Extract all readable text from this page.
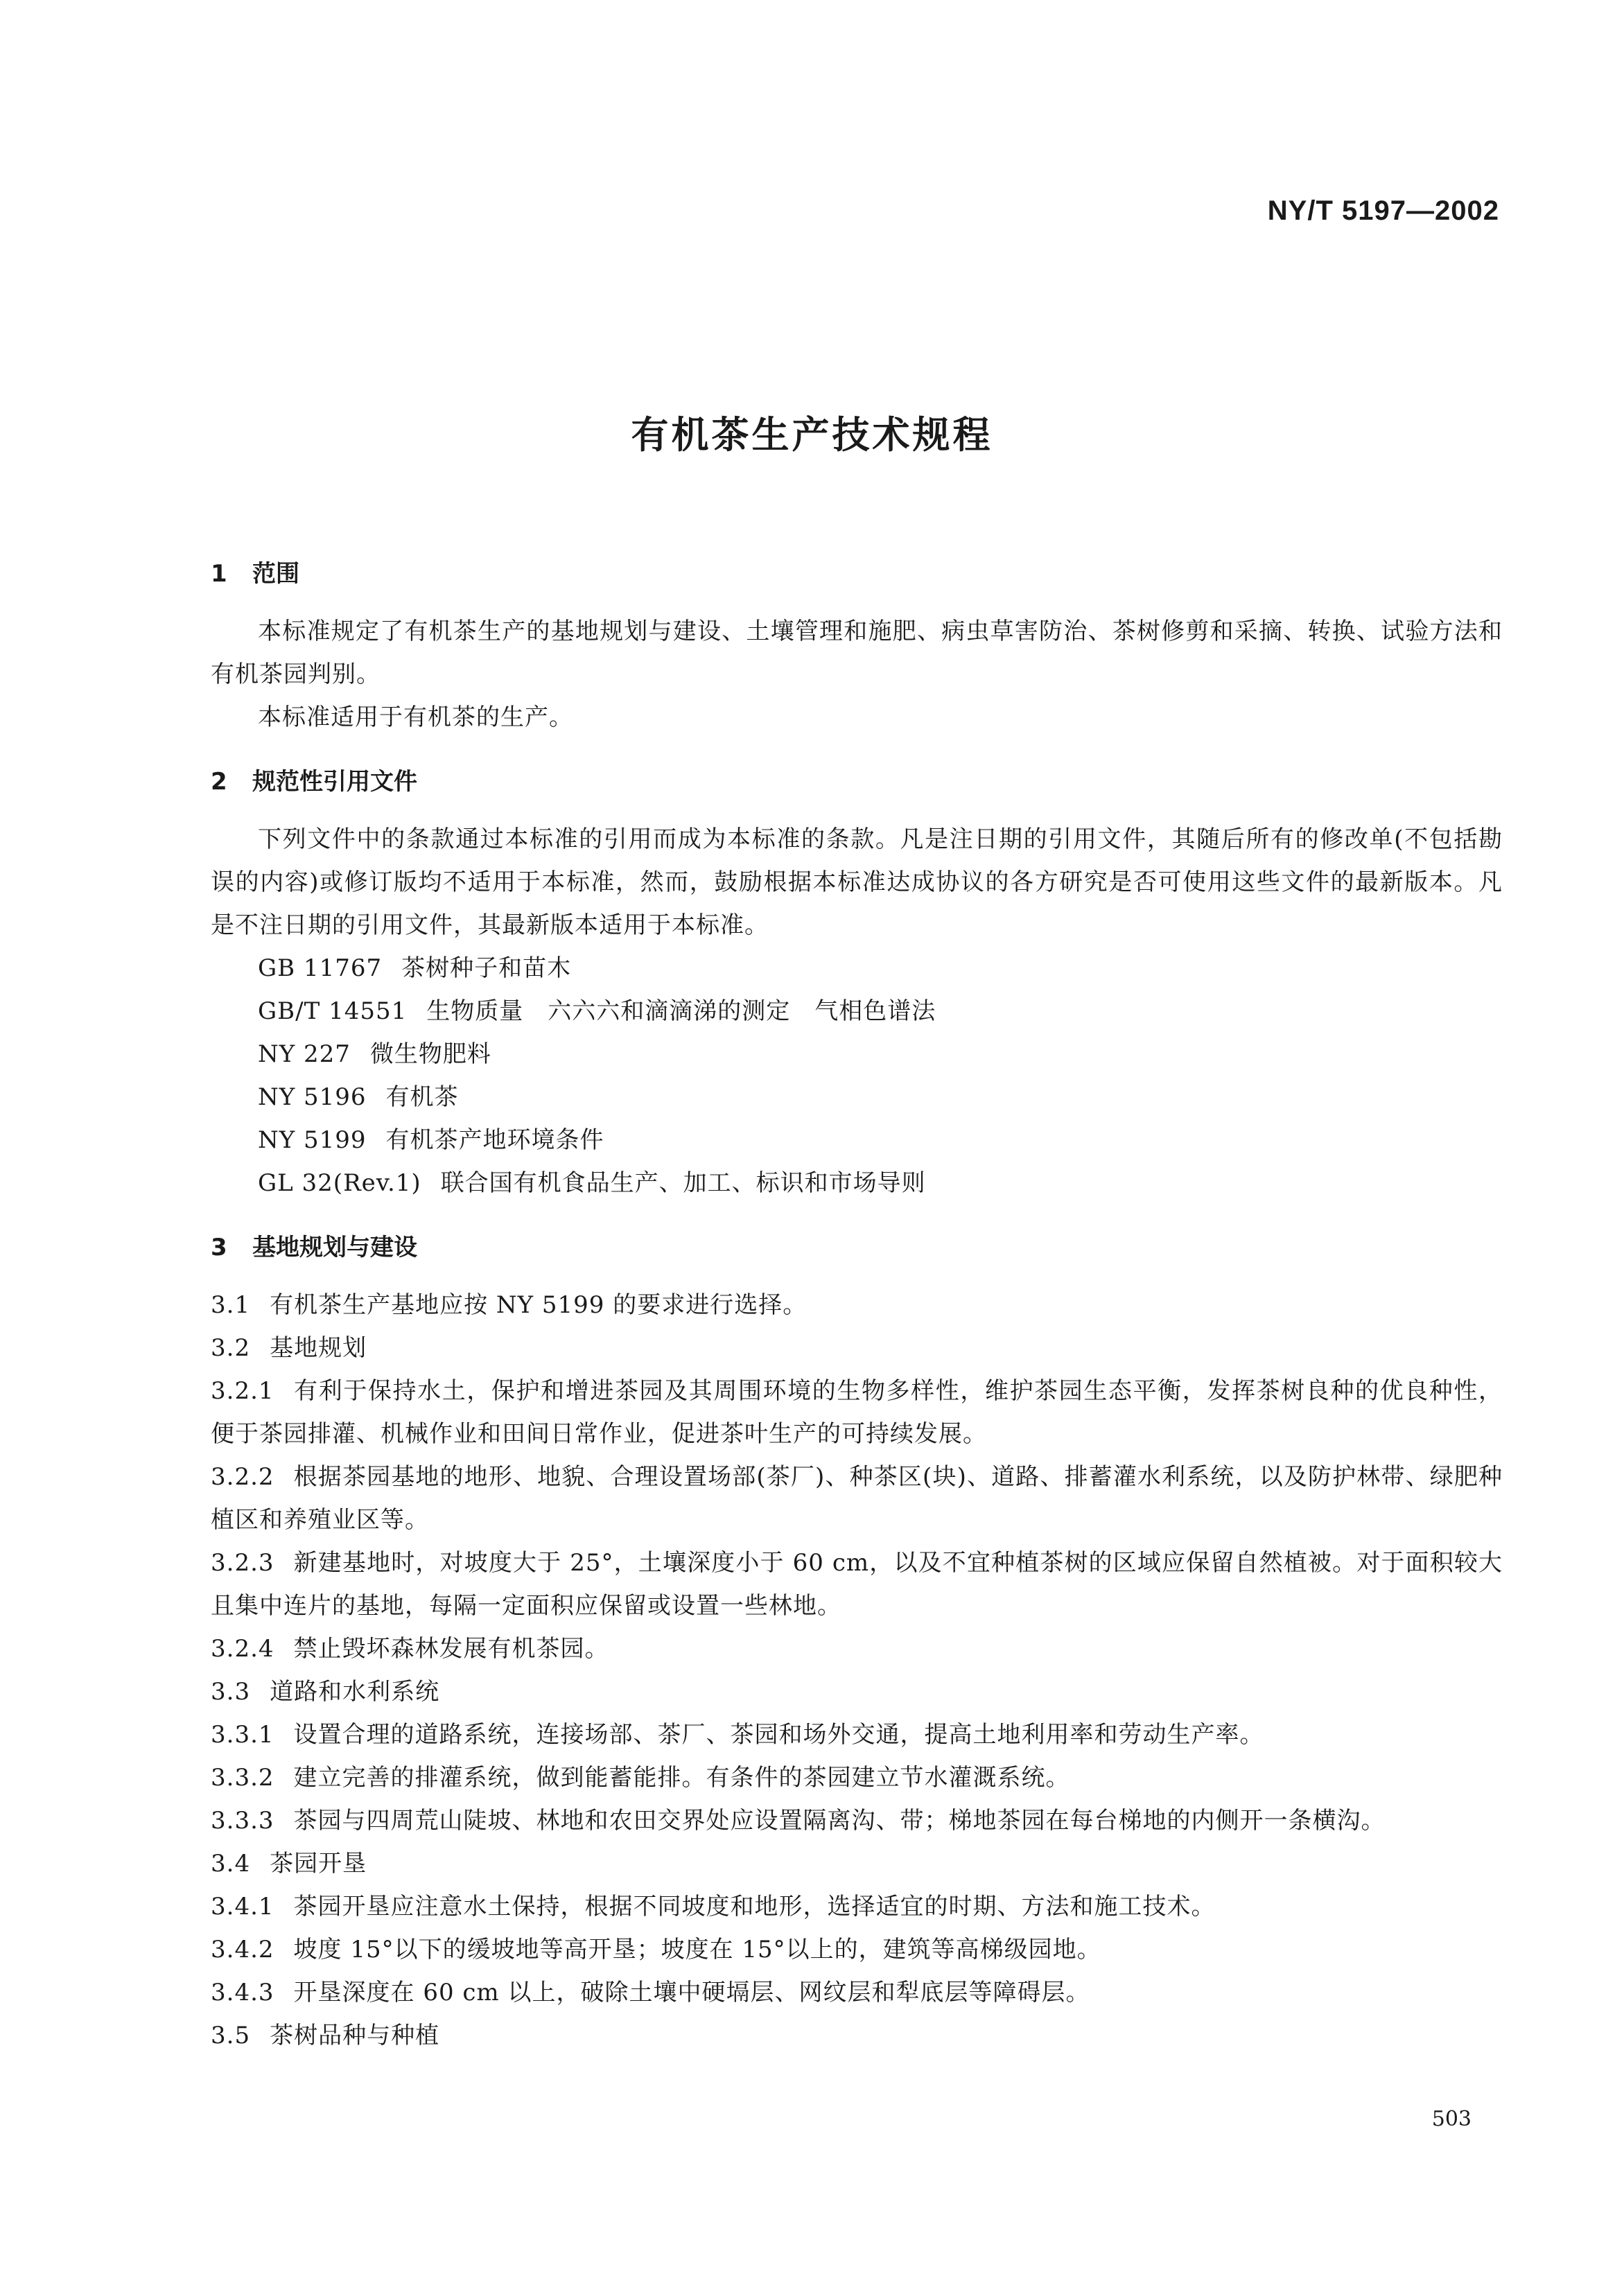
NY/T 5197—2002
有机茶生产技术规程
1 范围

本标准规定了有机茶生产的基地规划与建设、土壤管理和施肥、病虫草害防治、茶树修剪和采摘、转换、试验方法和有机茶园判别。

本标准适用于有机茶的生产。

2 规范性引用文件

下列文件中的条款通过本标准的引用而成为本标准的条款。凡是注日期的引用文件，其随后所有的修改单(不包括勘误的内容)或修订版均不适用于本标准，然而，鼓励根据本标准达成协议的各方研究是否可使用这些文件的最新版本。凡是不注日期的引用文件，其最新版本适用于本标准。

GB 11767 茶树种子和苗木
GB/T 14551 生物质量　六六六和滴滴涕的测定　气相色谱法
NY 227 微生物肥料
NY 5196 有机茶
NY 5199 有机茶产地环境条件
GL 32(Rev.1) 联合国有机食品生产、加工、标识和市场导则
3 基地规划与建设

3.1 有机茶生产基地应按 NY 5199 的要求进行选择。

3.2 基地规划

3.2.1 有利于保持水土，保护和增进茶园及其周围环境的生物多样性，维护茶园生态平衡，发挥茶树良种的优良种性，便于茶园排灌、机械作业和田间日常作业，促进茶叶生产的可持续发展。

3.2.2 根据茶园基地的地形、地貌、合理设置场部(茶厂)、种茶区(块)、道路、排蓄灌水利系统，以及防护林带、绿肥种植区和养殖业区等。

3.2.3 新建基地时，对坡度大于 25°，土壤深度小于 60 cm，以及不宜种植茶树的区域应保留自然植被。对于面积较大且集中连片的基地，每隔一定面积应保留或设置一些林地。

3.2.4 禁止毁坏森林发展有机茶园。

3.3 道路和水利系统

3.3.1 设置合理的道路系统，连接场部、茶厂、茶园和场外交通，提高土地利用率和劳动生产率。

3.3.2 建立完善的排灌系统，做到能蓄能排。有条件的茶园建立节水灌溉系统。

3.3.3 茶园与四周荒山陡坡、林地和农田交界处应设置隔离沟、带；梯地茶园在每台梯地的内侧开一条横沟。

3.4 茶园开垦

3.4.1 茶园开垦应注意水土保持，根据不同坡度和地形，选择适宜的时期、方法和施工技术。

3.4.2 坡度 15°以下的缓坡地等高开垦；坡度在 15°以上的，建筑等高梯级园地。

3.4.3 开垦深度在 60 cm 以上，破除土壤中硬塥层、网纹层和犁底层等障碍层。

3.5 茶树品种与种植

503
